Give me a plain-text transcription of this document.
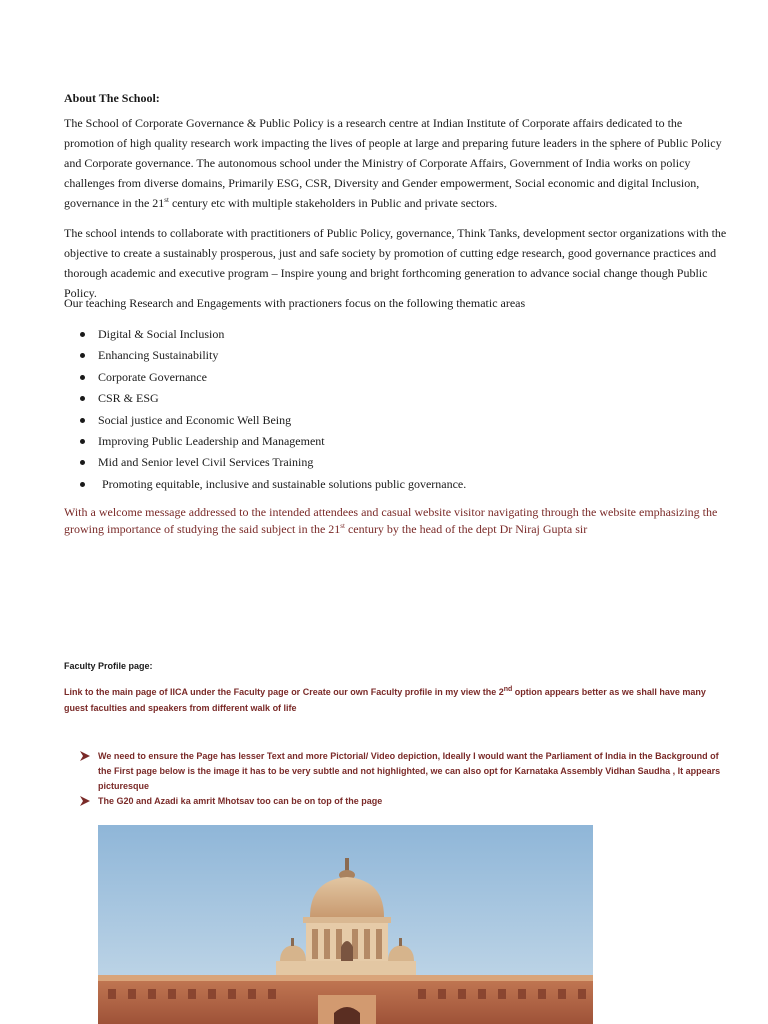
About The School:

The School of Corporate Governance & Public Policy is a research centre at Indian Institute of Corporate affairs dedicated to the promotion of high quality research work impacting the lives of people at large and preparing future leaders in the sphere of Public Policy and Corporate governance. The autonomous school under the Ministry of Corporate Affairs, Government of India works on policy challenges from diverse domains, Primarily ESG, CSR, Diversity and Gender empowerment, Social economic and digital Inclusion, governance in the 21st century etc with multiple stakeholders in Public and private sectors.

The school intends to collaborate with practitioners of Public Policy, governance, Think Tanks, development sector organizations with the objective to create a sustainably prosperous, just and safe society by promotion of cutting edge research, good governance practices and thorough academic and executive program – Inspire young and bright forthcoming generation to advance social change though Public Policy.

Our teaching Research and Engagements with practioners focus on the following thematic areas

Digital & Social Inclusion
Enhancing Sustainability
Corporate Governance
CSR & ESG
Social justice and Economic Well Being
Improving Public Leadership and Management
Mid and Senior level Civil Services Training
Promoting equitable, inclusive and sustainable solutions public governance.

With a welcome message addressed to the intended attendees and casual website visitor navigating through the website emphasizing the growing importance of studying the said subject in the 21st century by the head of the dept Dr Niraj Gupta sir

Faculty Profile page:

Link to the main page of IICA under the Faculty page or Create our own Faculty profile in my view the 2nd option appears better as we shall have many guest faculties and speakers from different walk of life

We need to ensure the Page has lesser Text and more Pictorial/ Video depiction, Ideally I would want the Parliament of India in the Background of the First page below is the image it has to be very subtle and not highlighted, we can also opt for Karnataka Assembly Vidhan Saudha , It appears picturesque
The G20 and Azadi ka amrit Mhotsav too can be on top of the page
